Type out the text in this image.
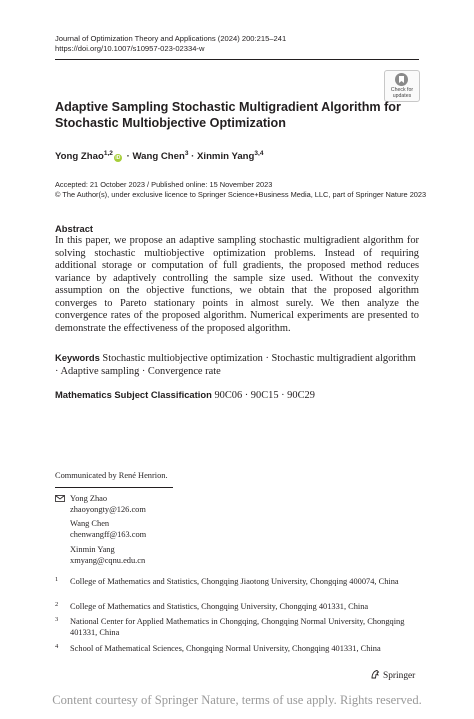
Journal of Optimization Theory and Applications (2024) 200:215–241
https://doi.org/10.1007/s10957-023-02334-w
Check for
updates
Adaptive Sampling Stochastic Multigradient Algorithm for Stochastic Multiobjective Optimization
Yong Zhao$^{1,2}$iD · Wang Chen$^3$ · Xinmin Yang$^{3,4}$
Accepted: 21 October 2023 / Published online: 15 November 2023
© The Author(s), under exclusive licence to Springer Science+Business Media, LLC, part of Springer Nature 2023
Abstract
In this paper, we propose an adaptive sampling stochastic multigradient algorithm for solving stochastic multiobjective optimization problems. Instead of requiring additional storage or computation of full gradients, the proposed method reduces variance by adaptively controlling the sample size used. Without the convexity assumption on the objective functions, we obtain that the proposed algorithm converges to Pareto stationary points in almost surely. We then analyze the convergence rates of the proposed algorithm. Numerical experiments are presented to demonstrate the effectiveness of the proposed algorithm.
Keywords Stochastic multiobjective optimization · Stochastic multigradient algorithm · Adaptive sampling · Convergence rate
Mathematics Subject Classification 90C06 · 90C15 · 90C29
Communicated by René Henrion.
Yong Zhao
zhaoyongty@126.com
Wang Chen
chenwangff@163.com
Xinmin Yang
xmyang@cqnu.edu.cn
1 College of Mathematics and Statistics, Chongqing Jiaotong University, Chongqing 400074, China
2 College of Mathematics and Statistics, Chongqing University, Chongqing 401331, China
3 National Center for Applied Mathematics in Chongqing, Chongqing Normal University, Chongqing 401331, China
4 School of Mathematical Sciences, Chongqing Normal University, Chongqing 401331, China
Springer
Content courtesy of Springer Nature, terms of use apply. Rights reserved.
